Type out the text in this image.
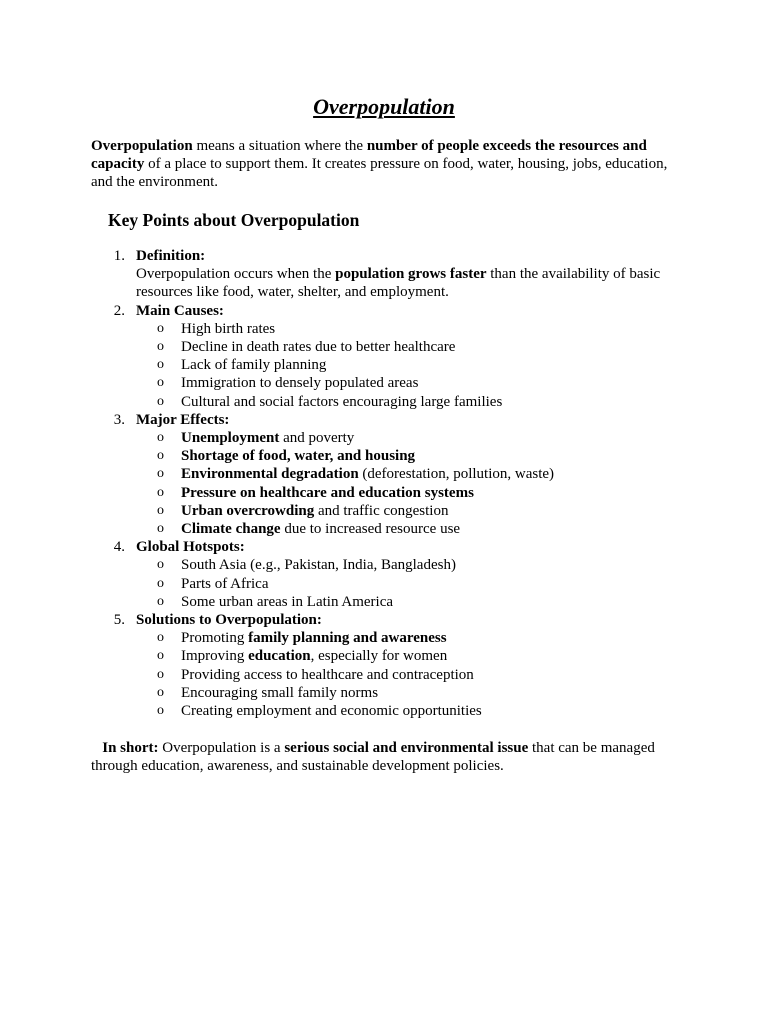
Overpopulation

Overpopulation means a situation where the number of people exceeds the resources and capacity of a place to support them. It creates pressure on food, water, housing, jobs, education, and the environment.

Key Points about Overpopulation
1. Definition:
Overpopulation occurs when the population grows faster than the availability of basic resources like food, water, shelter, and employment.
2. Main Causes:
o High birth rates
o Decline in death rates due to better healthcare
o Lack of family planning
o Immigration to densely populated areas
o Cultural and social factors encouraging large families
3. Major Effects:
o Unemployment and poverty
o Shortage of food, water, and housing
o Environmental degradation (deforestation, pollution, waste)
o Pressure on healthcare and education systems
o Urban overcrowding and traffic congestion
o Climate change due to increased resource use
4. Global Hotspots:
o South Asia (e.g., Pakistan, India, Bangladesh)
o Parts of Africa
o Some urban areas in Latin America
5. Solutions to Overpopulation:
o Promoting family planning and awareness
o Improving education, especially for women
o Providing access to healthcare and contraception
o Encouraging small family norms
o Creating employment and economic opportunities

In short: Overpopulation is a serious social and environmental issue that can be managed through education, awareness, and sustainable development policies.
